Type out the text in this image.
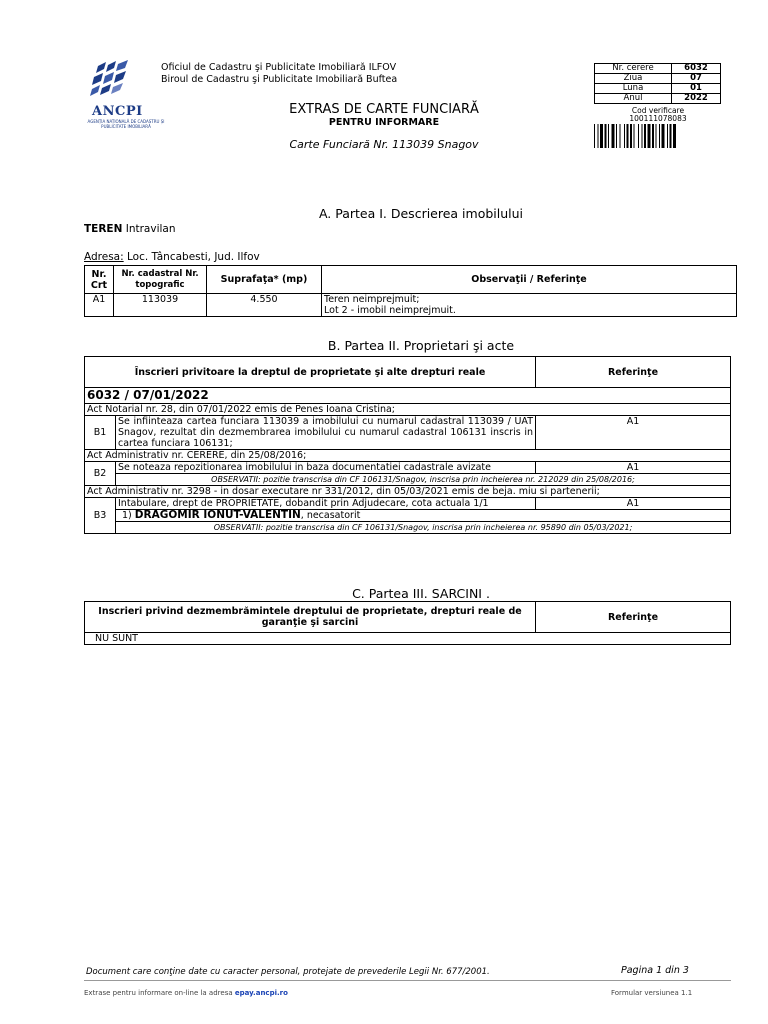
ANCPI
AGENȚIA NAȚIONALĂ DE CADASTRU ȘI PUBLICITATE IMOBILIARĂ
Oficiul de Cadastru şi Publicitate Imobiliară ILFOV
Biroul de Cadastru şi Publicitate Imobiliară Buftea
Nr. cerere	6032
Ziua	07
Luna	01
Anul	2022
Cod verificare
100111078083
EXTRAS DE CARTE FUNCIARĂ
PENTRU INFORMARE
Carte Funciară Nr. 113039 Snagov
A. Partea I. Descrierea imobilului
TEREN Intravilan
Adresa: Loc. Tâncabesti, Jud. Ilfov
Nr. Crt	Nr. cadastral Nr. topografic	Suprafaţa* (mp)	Observaţii / Referinţe
A1	113039	4.550	Teren neimprejmuit;
Lot 2 - imobil neimprejmuit.
B. Partea II. Proprietari şi acte
Înscrieri privitoare la dreptul de proprietate şi alte drepturi reale		Referinţe
6032 / 07/01/2022		
Act Notarial nr. 28, din 07/01/2022 emis de Penes Ioana Cristina;		
B1	Se infiinteaza cartea funciara 113039 a imobilului cu numarul cadastral 113039 / UAT Snagov, rezultat din dezmembrarea imobilului cu numarul cadastral 106131 inscris in cartea funciara 106131;	A1
Act Administrativ nr. CERERE, din 25/08/2016;		
B2	Se noteaza repozitionarea imobilului in baza documentatiei cadastrale avizate	A1
	OBSERVATII: pozitie transcrisa din CF 106131/Snagov, inscrisa prin incheierea nr. 212029 din 25/08/2016;	
Act Administrativ nr. 3298 - in dosar executare nr 331/2012, din 05/03/2021 emis de beja. miu si partenerii;		
B3	Intabulare, drept de PROPRIETATE, dobandit prin Adjudecare, cota actuala 1/1	A1
	1) DRAGOMIR IONUT-VALENTIN, necasatorit	
	OBSERVATII: pozitie transcrisa din CF 106131/Snagov, inscrisa prin incheierea nr. 95890 din 05/03/2021;	
C. Partea III. SARCINI .
Inscrieri privind dezmembrămintele dreptului de proprietate, drepturi reale de garanţie şi sarcini	Referinţe
NU SUNT
Document care conţine date cu caracter personal, protejate de prevederile Legii Nr. 677/2001.	Pagina 1 din 3
Extrase pentru informare on-line la adresa epay.ancpi.ro	Formular versiunea 1.1
